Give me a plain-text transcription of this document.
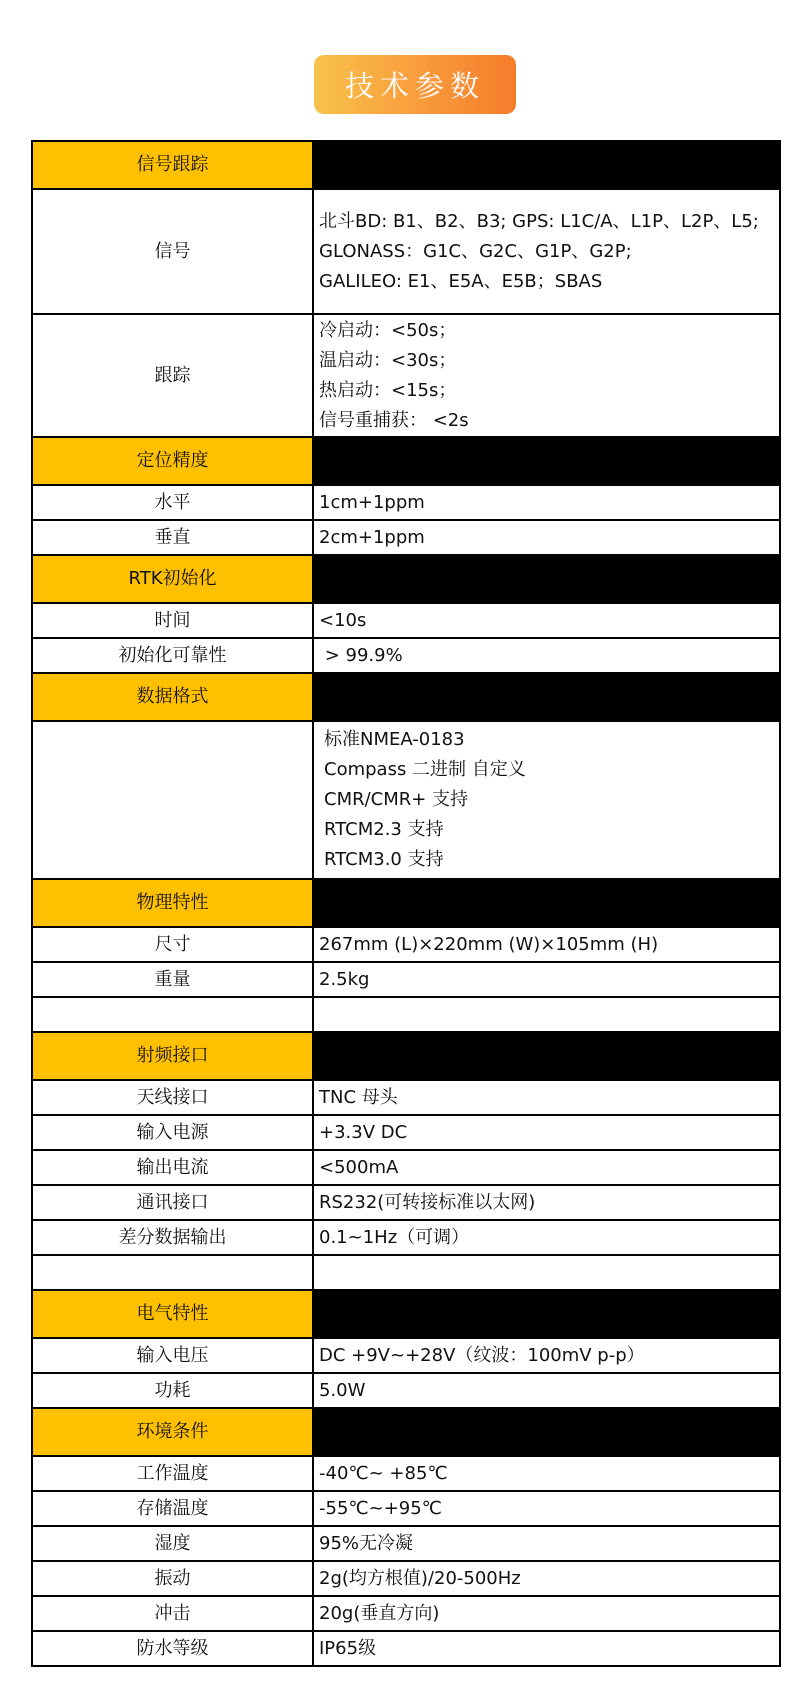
技术参数
信号跟踪	
信号	北斗BD: B1、B2、B3; GPS: L1C/A、L1P、L2P、L5;
GLONASS：G1C、G2C、G1P、G2P;
GALILEO: E1、E5A、E5B；SBAS

跟踪	冷启动：<50s；
温启动：<30s；
热启动：<15s；
信号重捕获： <2s

定位精度	
水平	1cm+1ppm
垂直	2cm+1ppm
RTK初始化	
时间	<10s
初始化可靠性	> 99.9%
数据格式	

	标准NMEA-0183
Compass 二进制 自定义
CMR/CMR+ 支持
RTCM2.3 支持
RTCM3.0 支持

物理特性	
尺寸	267mm (L)×220mm (W)×105mm (H)
重量	2.5kg

射频接口	
天线接口	TNC 母头
输入电源	+3.3V DC
输出电流	<500mA
通讯接口	RS232(可转接标准以太网)
差分数据输出	0.1~1Hz（可调）

电气特性	
输入电压	DC +9V~+28V（纹波：100mV p-p）
功耗	5.0W
环境条件	
工作温度	-40℃~ +85℃
存储温度	-55℃~+95℃
湿度	95%无冷凝
振动	2g(均方根值)/20-500Hz
冲击	20g(垂直方向)
防水等级	IP65级
